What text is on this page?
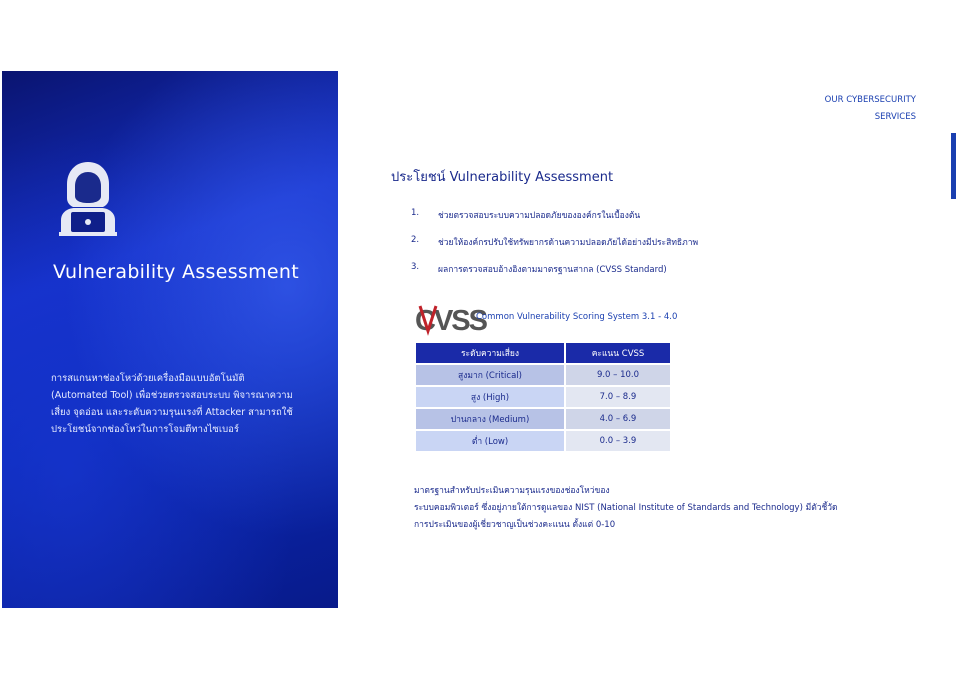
Vulnerability Assessment
การสแกนหาช่องโหว่ด้วยเครื่องมือแบบอัตโนมัติ
(Automated Tool) เพื่อช่วยตรวจสอบระบบ พิจารณาความ
เสี่ยง จุดอ่อน และระดับความรุนแรงที่ Attacker สามารถใช้
ประโยชน์จากช่องโหว่ในการโจมตีทางไซเบอร์
OUR CYBERSECURITY
SERVICES
ประโยชน์ Vulnerability Assessment
1.	ช่วยตรวจสอบระบบความปลอดภัยขององค์กรในเบื้องต้น
2.	ช่วยให้องค์กรปรับใช้ทรัพยากรด้านความปลอดภัยได้อย่างมีประสิทธิภาพ
3.	ผลการตรวจสอบอ้างอิงตามมาตรฐานสากล (CVSS Standard)
CVSS
Common Vulnerability Scoring System 3.1 - 4.0
ระดับความเสี่ยง	คะแนน CVSS
สูงมาก (Critical)	9.0 – 10.0
สูง (High)	7.0 – 8.9
ปานกลาง (Medium)	4.0 – 6.9
ต่ำ (Low)	0.0 – 3.9
มาตรฐานสำหรับประเมินความรุนแรงของช่องโหว่ของ
ระบบคอมพิวเตอร์ ซึ่งอยู่ภายใต้การดูแลของ NIST (National Institute of Standards and Technology) มีตัวชี้วัด
การประเมินของผู้เชี่ยวชาญเป็นช่วงคะแนน ตั้งแต่ 0-10
